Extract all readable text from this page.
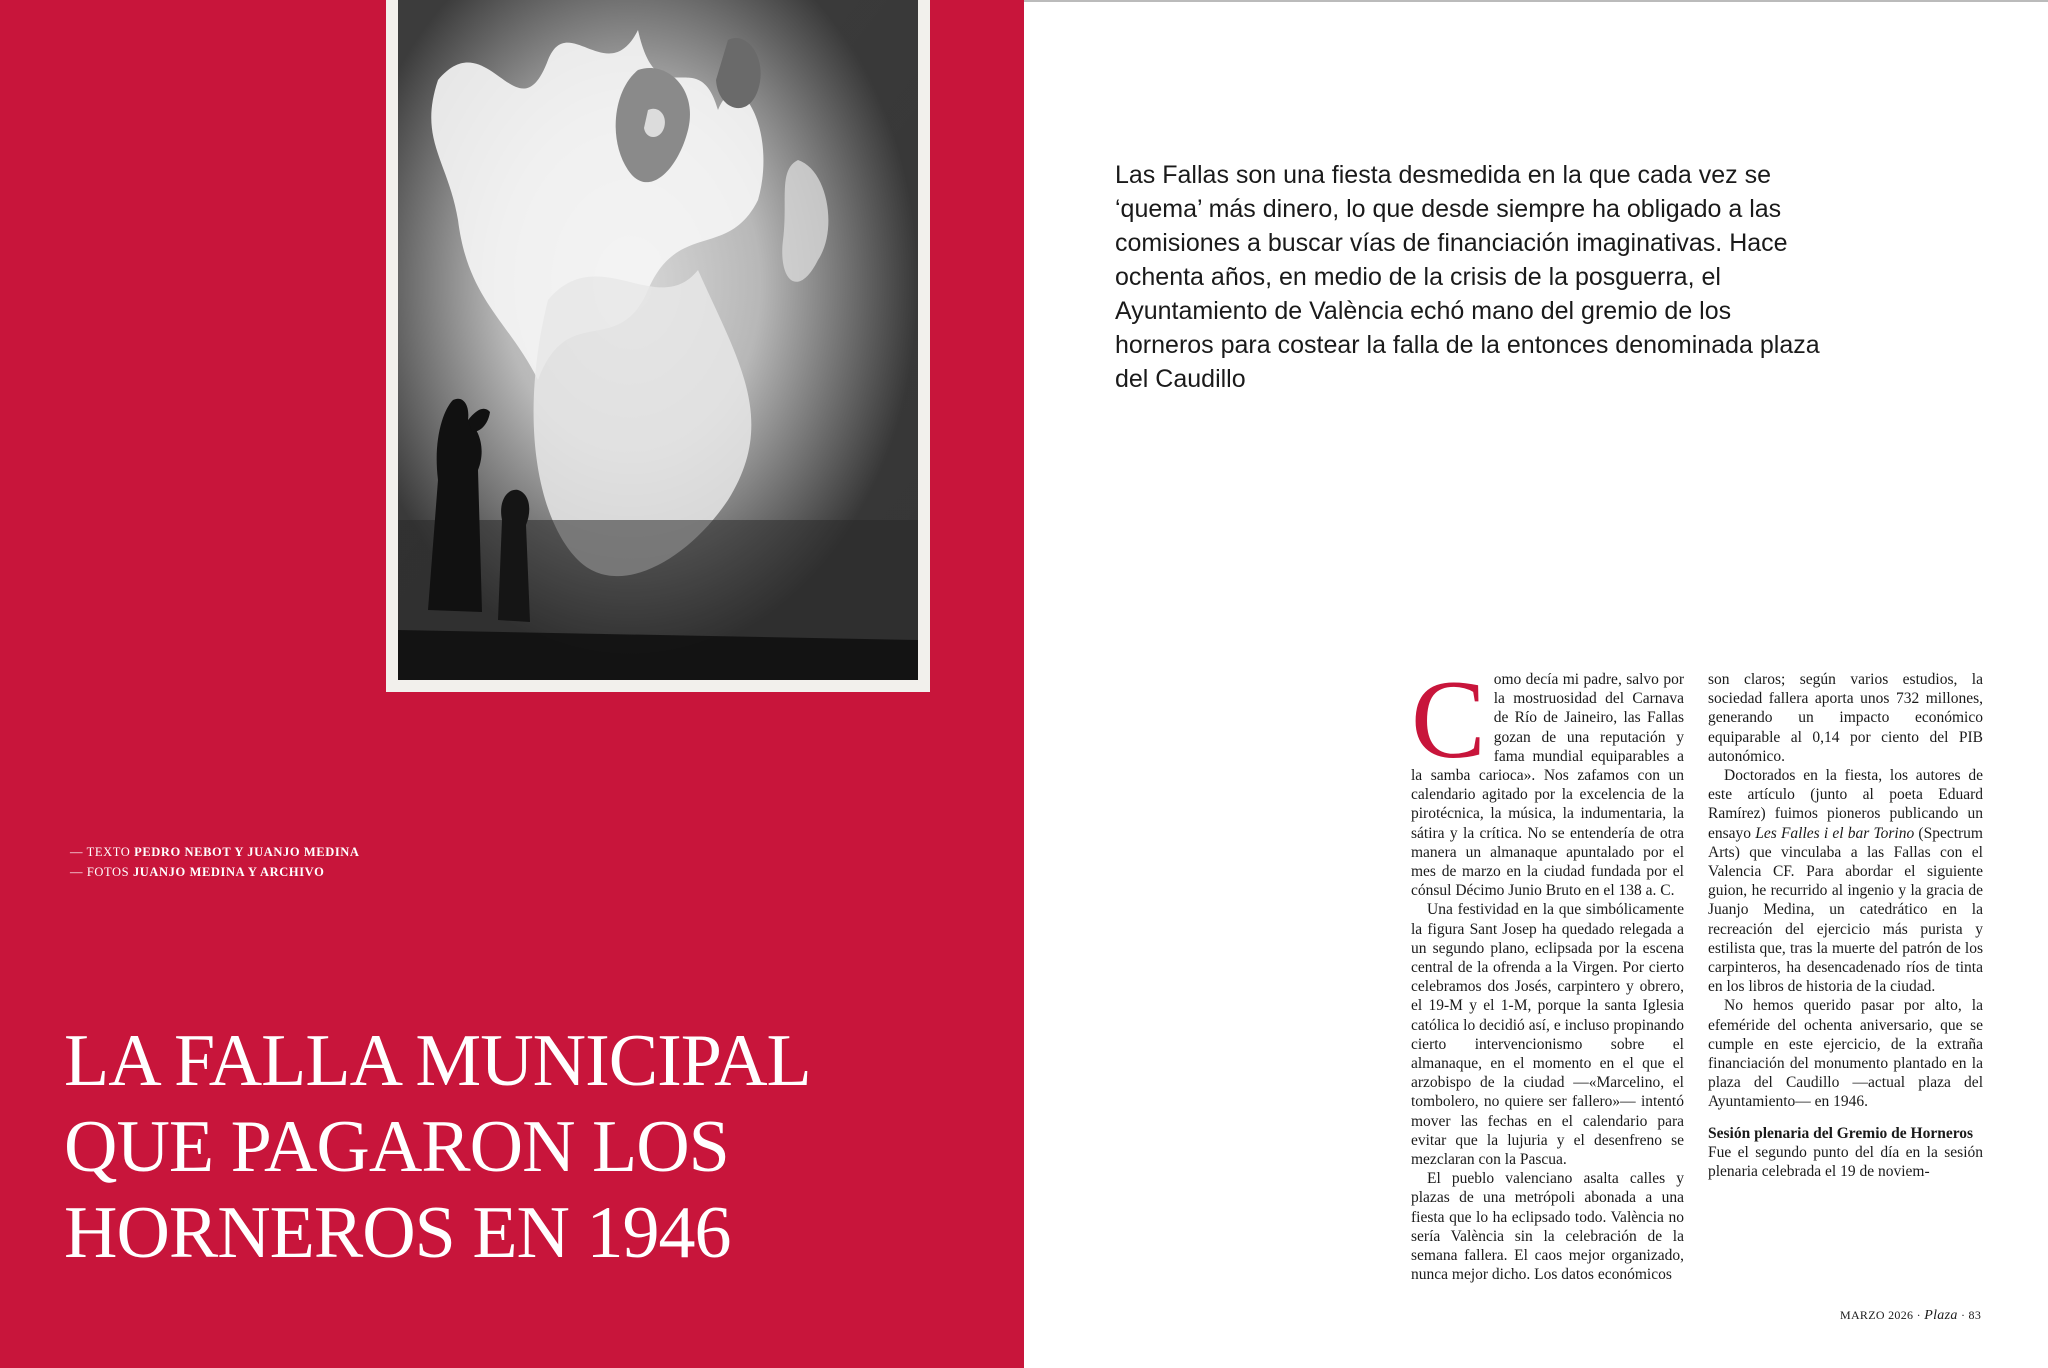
— TEXTO PEDRO NEBOT Y JUANJO MEDINA
— FOTOS JUANJO MEDINA Y ARCHIVO
LA FALLA MUNICIPAL QUE PAGARON LOS HORNEROS EN 1946

Las Fallas son una fiesta desmedida en la que cada vez se ‘quema’ más dinero, lo que desde siempre ha obligado a las comisiones a buscar vías de financiación imaginativas. Hace ochenta años, en medio de la crisis de la posguerra, el Ayuntamiento de València echó mano del gremio de los horneros para costear la falla de la entonces denominada plaza del Caudillo

Como decía mi padre, salvo por la mostruosidad del Carnava de Río de Jaineiro, las Fallas gozan de una reputación y fama mundial equiparables a la samba carioca». Nos zafamos con un calendario agitado por la excelencia de la pirotécnica, la música, la indumentaria, la sátira y la crítica. No se entendería de otra manera un almanaque apuntalado por el mes de marzo en la ciudad fundada por el cónsul Décimo Junio Bruto en el 138 a. C.

Una festividad en la que simbólicamente la figura Sant Josep ha quedado relegada a un segundo plano, eclipsada por la escena central de la ofrenda a la Virgen. Por cierto celebramos dos Josés, carpintero y obrero, el 19-M y el 1-M, porque la santa Iglesia católica lo decidió así, e incluso propinando cierto intervencionismo sobre el almanaque, en el momento en el que el arzobispo de la ciudad —«Marcelino, el tombolero, no quiere ser fallero»— intentó mover las fechas en el calendario para evitar que la lujuria y el desenfreno se mezclaran con la Pascua.

El pueblo valenciano asalta calles y plazas de una metrópoli abonada a una fiesta que lo ha eclipsado todo. València no sería València sin la celebración de la semana fallera. El caos mejor organizado, nunca mejor dicho. Los datos económicos

son claros; según varios estudios, la sociedad fallera aporta unos 732 millones, generando un impacto económico equiparable al 0,14 por ciento del PIB autonómico.

Doctorados en la fiesta, los autores de este artículo (junto al poeta Eduard Ramírez) fuimos pioneros publicando un ensayo Les Falles i el bar Torino (Spectrum Arts) que vinculaba a las Fallas con el Valencia CF. Para abordar el siguiente guion, he recurrido al ingenio y la gracia de Juanjo Medina, un catedrático en la recreación del ejercicio más purista y estilista que, tras la muerte del patrón de los carpinteros, ha desencadenado ríos de tinta en los libros de historia de la ciudad.

No hemos querido pasar por alto, la efeméride del ochenta aniversario, que se cumple en este ejercicio, de la extraña financiación del monumento plantado en la plaza del Caudillo —actual plaza del Ayuntamiento— en 1946.

Sesión plenaria del Gremio de Horneros

Fue el segundo punto del día en la sesión plenaria celebrada el 19 de noviem-

MARZO 2026 · Plaza · 83
